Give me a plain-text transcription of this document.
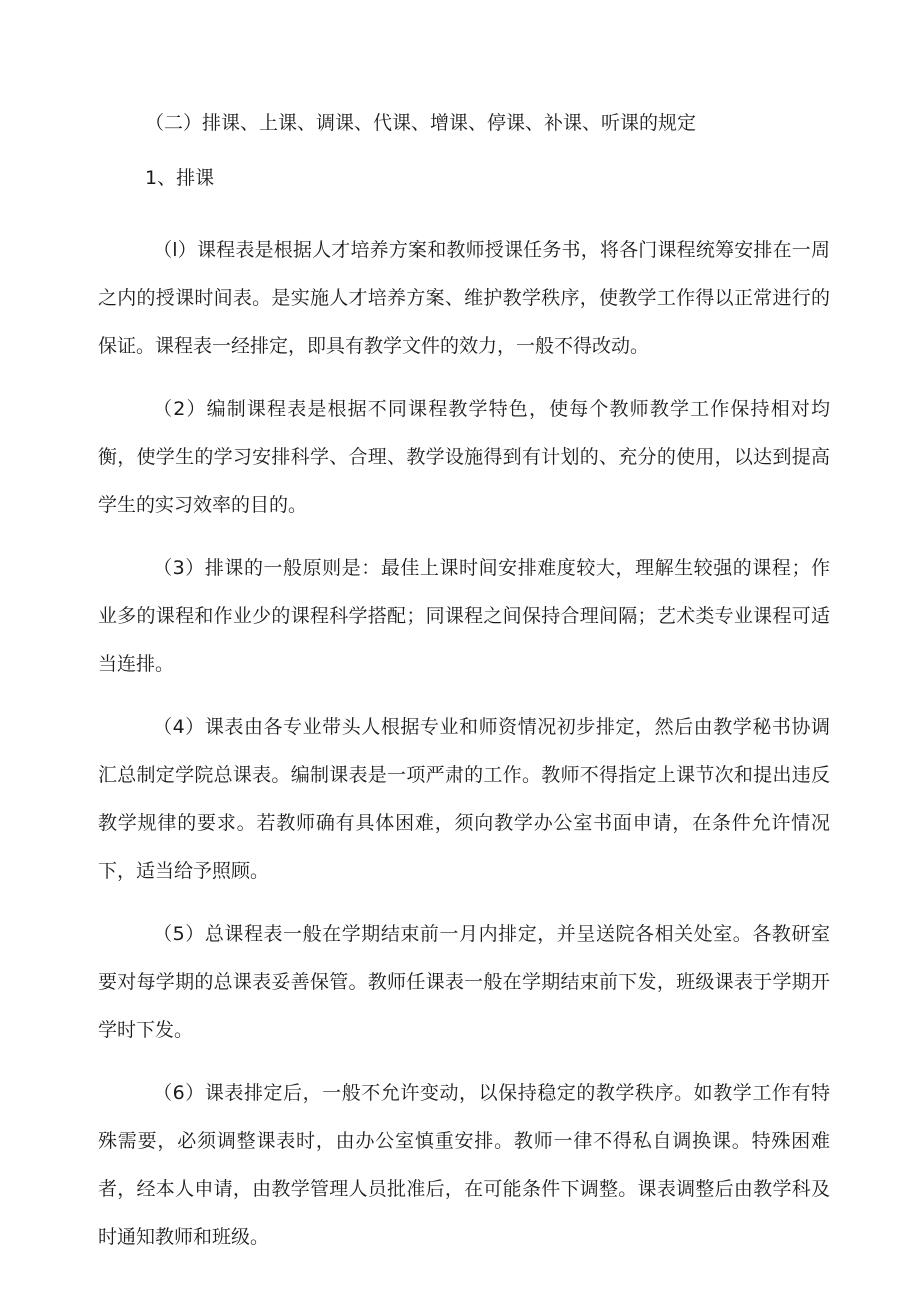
（二）排课、上课、调课、代课、增课、停课、补课、听课的规定
1、排课

（l）课程表是根据人才培养方案和教师授课任务书，将各门课程统筹安排在一周之内的授课时间表。是实施人才培养方案、维护教学秩序，使教学工作得以正常进行的保证。课程表一经排定，即具有教学文件的效力，一般不得改动。

（2）编制课程表是根据不同课程教学特色，使每个教师教学工作保持相对均衡，使学生的学习安排科学、合理、教学设施得到有计划的、充分的使用，以达到提高学生的实习效率的目的。

（3）排课的一般原则是：最佳上课时间安排难度较大，理解生较强的课程；作业多的课程和作业少的课程科学搭配；同课程之间保持合理间隔；艺术类专业课程可适当连排。

（4）课表由各专业带头人根据专业和师资情况初步排定，然后由教学秘书协调汇总制定学院总课表。编制课表是一项严肃的工作。教师不得指定上课节次和提出违反教学规律的要求。若教师确有具体困难，须向教学办公室书面申请，在条件允许情况下，适当给予照顾。

（5）总课程表一般在学期结束前一月内排定，并呈送院各相关处室。各教研室要对每学期的总课表妥善保管。教师任课表一般在学期结束前下发，班级课表于学期开学时下发。

（6）课表排定后，一般不允许变动，以保持稳定的教学秩序。如教学工作有特殊需要，必须调整课表时，由办公室慎重安排。教师一律不得私自调换课。特殊困难者，经本人申请，由教学管理人员批准后，在可能条件下调整。课表调整后由教学科及时通知教师和班级。
